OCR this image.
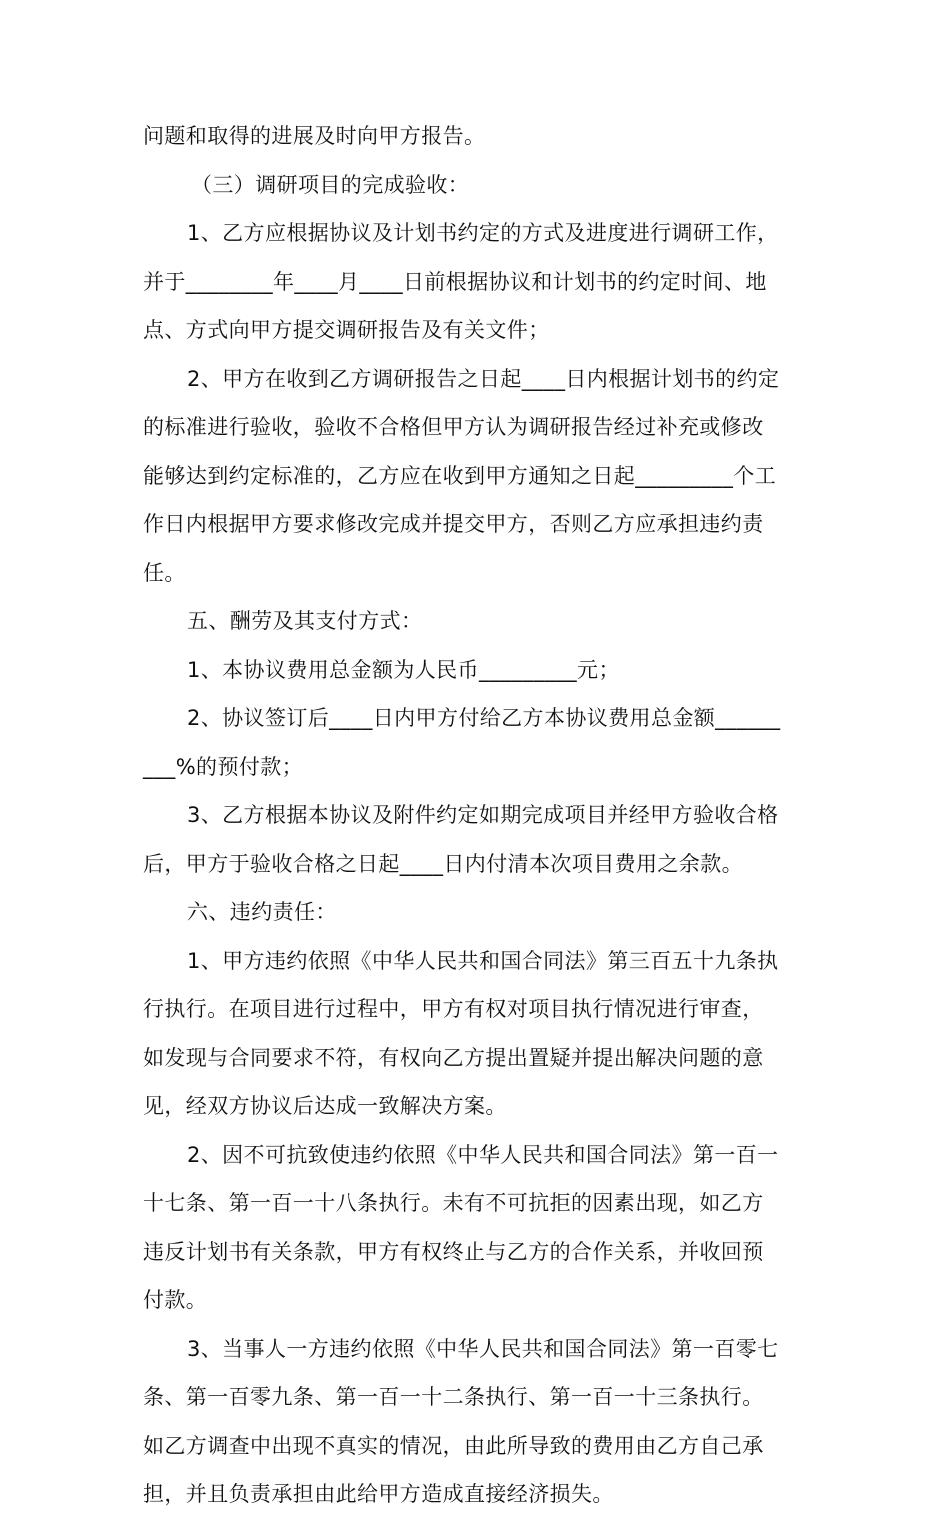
问题和取得的进展及时向甲方报告。
（三）调研项目的完成验收：
1、乙方应根据协议及计划书约定的方式及进度进行调研工作，
并于________年____月____日前根据协议和计划书的约定时间、地
点、方式向甲方提交调研报告及有关文件；
2、甲方在收到乙方调研报告之日起____日内根据计划书的约定
的标准进行验收，验收不合格但甲方认为调研报告经过补充或修改
能够达到约定标准的，乙方应在收到甲方通知之日起_________个工
作日内根据甲方要求修改完成并提交甲方，否则乙方应承担违约责
任。
五、酬劳及其支付方式：
1、本协议费用总金额为人民币_________元；
2、协议签订后____日内甲方付给乙方本协议费用总金额______
___%的预付款；
3、乙方根据本协议及附件约定如期完成项目并经甲方验收合格
后，甲方于验收合格之日起____日内付清本次项目费用之余款。
六、违约责任：
1、甲方违约依照《中华人民共和国合同法》第三百五十九条执
行执行。在项目进行过程中，甲方有权对项目执行情况进行审查，
如发现与合同要求不符，有权向乙方提出置疑并提出解决问题的意
见，经双方协议后达成一致解决方案。
2、因不可抗致使违约依照《中华人民共和国合同法》第一百一
十七条、第一百一十八条执行。未有不可抗拒的因素出现，如乙方
违反计划书有关条款，甲方有权终止与乙方的合作关系，并收回预
付款。
3、当事人一方违约依照《中华人民共和国合同法》第一百零七
条、第一百零九条、第一百一十二条执行、第一百一十三条执行。
如乙方调查中出现不真实的情况，由此所导致的费用由乙方自己承
担，并且负责承担由此给甲方造成直接经济损失。
